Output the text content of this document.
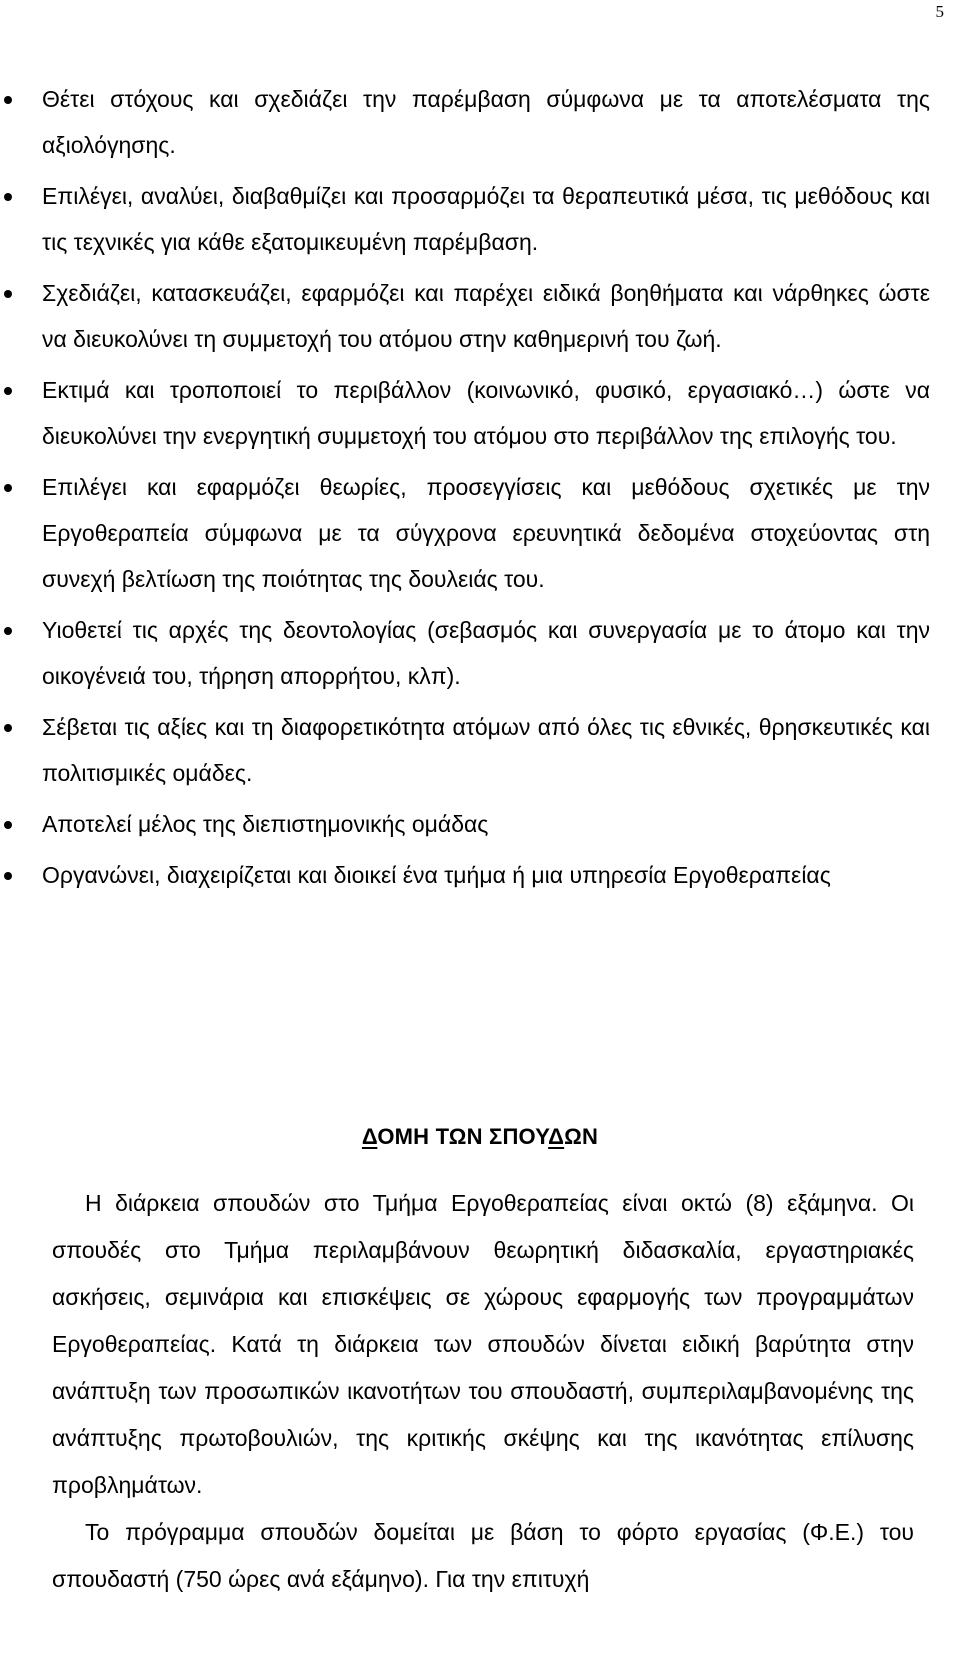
5
Θέτει στόχους και σχεδιάζει την παρέμβαση σύμφωνα με τα αποτελέσματα της αξιολόγησης.
Επιλέγει, αναλύει, διαβαθμίζει και προσαρμόζει τα θεραπευτικά μέσα, τις μεθόδους και τις τεχνικές για κάθε εξατομικευμένη παρέμβαση.
Σχεδιάζει, κατασκευάζει, εφαρμόζει και παρέχει ειδικά βοηθήματα και νάρθηκες ώστε να διευκολύνει τη συμμετοχή του ατόμου στην καθημερινή του ζωή.
Εκτιμά και τροποποιεί το περιβάλλον (κοινωνικό, φυσικό, εργασιακό…) ώστε να διευκολύνει την ενεργητική συμμετοχή του ατόμου στο περιβάλλον της επιλογής του.
Επιλέγει και εφαρμόζει θεωρίες, προσεγγίσεις και μεθόδους σχετικές με την Εργοθεραπεία σύμφωνα με τα σύγχρονα ερευνητικά δεδομένα στοχεύοντας στη συνεχή βελτίωση της ποιότητας της δουλειάς του.
Υιοθετεί τις αρχές της δεοντολογίας (σεβασμός και συνεργασία με το άτομο και την οικογένειά του, τήρηση απορρήτου, κλπ).
Σέβεται τις αξίες και τη διαφορετικότητα ατόμων από όλες τις εθνικές, θρησκευτικές και πολιτισμικές ομάδες.
Αποτελεί μέλος της διεπιστημονικής ομάδας
Οργανώνει, διαχειρίζεται και διοικεί ένα τμήμα ή μια υπηρεσία Εργοθεραπείας
ΔΟΜΗ ΤΩΝ ΣΠΟΥΔΩΝ

Η διάρκεια σπουδών στο Τμήμα Εργοθεραπείας είναι οκτώ (8) εξάμηνα. Οι σπουδές στο Τμήμα περιλαμβάνουν θεωρητική διδασκαλία, εργαστηριακές ασκήσεις, σεμινάρια και επισκέψεις σε χώρους εφαρμογής των προγραμμάτων Εργοθεραπείας. Κατά τη διάρκεια των σπουδών δίνεται ειδική βαρύτητα στην ανάπτυξη των προσωπικών ικανοτήτων του σπουδαστή, συμπεριλαμβανομένης της ανάπτυξης πρωτοβουλιών, της κριτικής σκέψης και της ικανότητας επίλυσης προβλημάτων.

Το πρόγραμμα σπουδών δομείται με βάση το φόρτο εργασίας (Φ.Ε.) του σπουδαστή (750 ώρες ανά εξάμηνο). Για την επιτυχή
